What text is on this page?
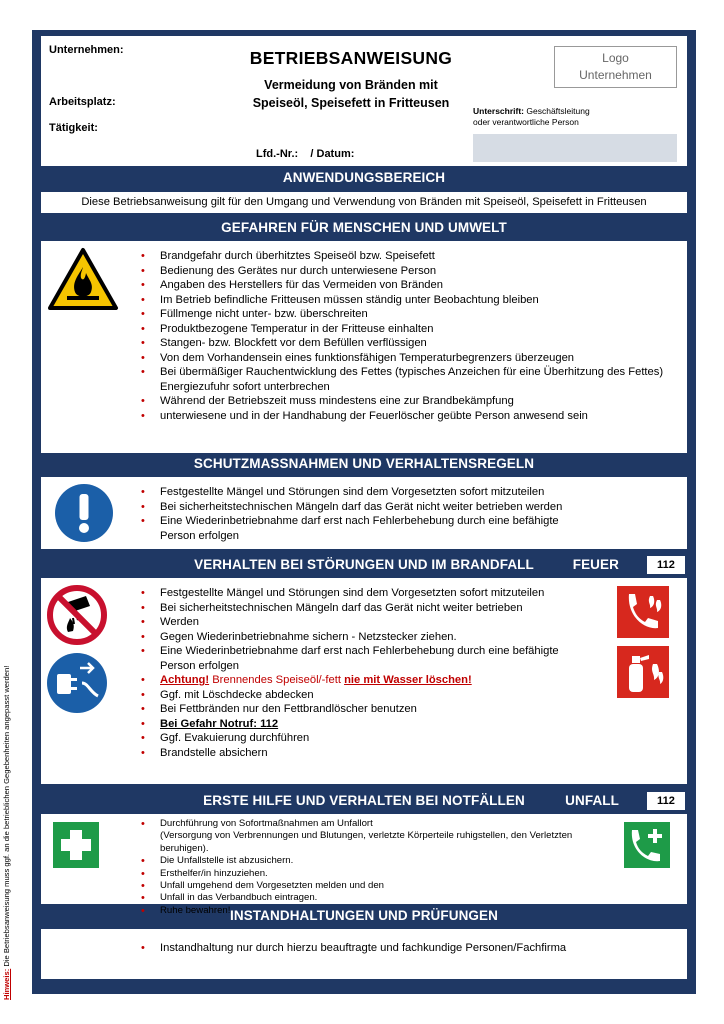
Hinweis: Die Betriebsanweisung muss ggf. an die betrieblichen Gegebenheiten angepasst werden!
Unternehmen:
Arbeitsplatz:
Tätigkeit:
BETRIEBSANWEISUNG
Vermeidung von Bränden mit
Speiseöl, Speisefett in Fritteusen
Lfd.-Nr.:    / Datum:
Logo
Unternehmen
Unterschrift: Geschäftsleitung
oder verantwortliche Person
ANWENDUNGSBEREICH
Diese Betriebsanweisung gilt für den Umgang und Verwendung von Bränden mit Speiseöl, Speisefett in Fritteusen
GEFAHREN FÜR MENSCHEN UND UMWELT
• Brandgefahr durch überhitztes Speiseöl bzw. Speisefett
• Bedienung des Gerätes nur durch unterwiesene Person
• Angaben des Herstellers für das Vermeiden von Bränden
• Im Betrieb befindliche Fritteusen müssen ständig unter Beobachtung bleiben
• Füllmenge nicht unter- bzw. überschreiten
• Produktbezogene Temperatur in der Fritteuse einhalten
• Stangen- bzw. Blockfett vor dem Befüllen verflüssigen
• Von dem Vorhandensein eines funktionsfähigen Temperaturbegrenzers überzeugen
• Bei übermäßiger Rauchentwicklung des Fettes (typisches Anzeichen für eine Überhitzung des Fettes) Energiezufuhr sofort unterbrechen
• Während der Betriebszeit muss mindestens eine zur Brandbekämpfung
• unterwiesene und in der Handhabung der Feuerlöscher geübte Person anwesend sein
SCHUTZMASSNAHMEN UND VERHALTENSREGELN
• Festgestellte Mängel und Störungen sind dem Vorgesetzten sofort mitzuteilen
• Bei sicherheitstechnischen Mängeln darf das Gerät nicht weiter betrieben werden
• Eine Wiederinbetriebnahme darf erst nach Fehlerbehebung durch eine befähigte Person erfolgen
VERHALTEN BEI STÖRUNGEN UND IM BRANDFALL	FEUER	112
• Festgestellte Mängel und Störungen sind dem Vorgesetzten sofort mitzuteilen
• Bei sicherheitstechnischen Mängeln darf das Gerät nicht weiter betrieben
• Werden
• Gegen Wiederinbetriebnahme sichern - Netzstecker ziehen.
• Eine Wiederinbetriebnahme darf erst nach Fehlerbehebung durch eine befähigte Person erfolgen
• Achtung! Brennendes Speiseöl/-fett nie mit Wasser löschen!
• Ggf. mit Löschdecke abdecken
• Bei Fettbränden nur den Fettbrandlöscher benutzen
• Bei Gefahr Notruf: 112
• Ggf. Evakuierung durchführen
• Brandstelle absichern
ERSTE HILFE UND VERHALTEN BEI NOTFÄLLEN	UNFALL	112
• Durchführung von Sofortmaßnahmen am Unfallort
(Versorgung von Verbrennungen und Blutungen, verletzte Körperteile ruhigstellen, den Verletzten beruhigen).
• Die Unfallstelle ist abzusichern.
• Ersthelfer/in hinzuziehen.
• Unfall umgehend dem Vorgesetzten melden und den
• Unfall in das Verbandbuch eintragen.
• Ruhe bewahren! INSTANDHALTUNGEN UND PRÜFUNGEN
• Instandhaltung nur durch hierzu beauftragte und fachkundige Personen/Fachfirma
